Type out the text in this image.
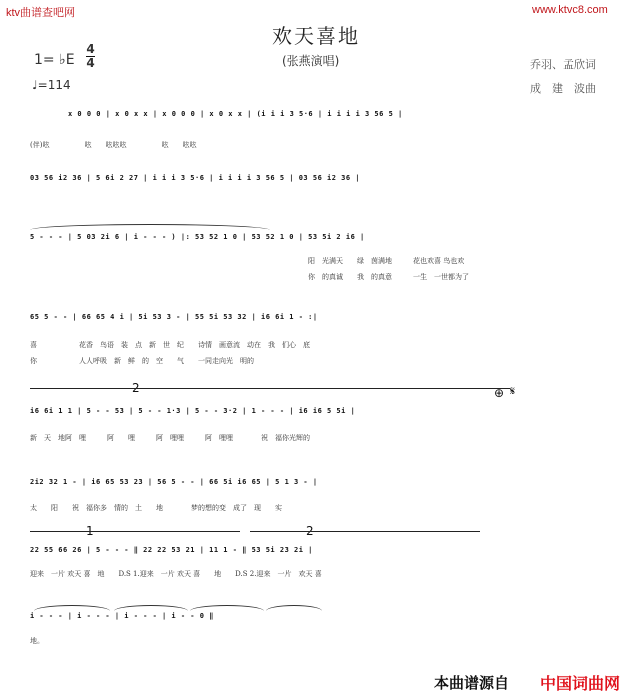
ktv曲谱查吧网	www.ktvc8.com
欢天喜地
(张燕演唱)
1= ♭E
4
4
♩=114
乔羽、孟欣词
成　建　波曲
x 0 0 0 | x 0 x x | x 0 0 0 | x 0 x x | (i i i 3 5·6 | i i i i 3 56 5 |
(伴)呟　　　　　呟　　呟呟呟　　　　　呟　　呟呟
03 56 i2 36 | 5 6i 2 27 | i i i 3 5·6 | i i i i 3 56 5 | 03 56 i2 36 |
5 - - - | 5 03 2i 6 | i - - - ) |: 53 52 1 0 | 53 52 1 0 | 53 5i 2 i6 |
阳　光满天　　绿　茵满地　　　花也欢喜 鸟也欢
你　的真诚　　我　的真意　　　一生　一世都为了
65 5 - - | 66 65 4 i | 5i 53 3 - | 55 5i 53 32 | i6 6i 1 - :|
喜　　　　　　花香　鸟语　装　点　新　世　纪　　诗情　画意流　动在　我　们心　底
你　　　　　　人人呼吸　新　鲜　的　空　　气　　一同走向光　明的
⊕ 𝄋
i6 6i 1 1 | 5 - - 53 | 5 - - 1·3 | 5 - - 3·2 | 1 - - - | i6 i6 5 5i |
新　天　地阿　哩　　　阿　　哩　　　阿　哩哩　　　阿　哩哩　　　　祝　福你光辉的
2i2 32 1 - | i6 65 53 23 | 56 5 - - | 66 5i i6 65 | 5 1 3 - |
太　　阳　　祝　福你多　情的　土　　地　　　　梦的想的变　成了　现　　实
22 55 66 26 | 5 - - - ‖ 22 22 53 21 | 11 1 - ‖ 53 5i 23 2i |
迎来　一片 欢天 喜　地　　D.S 1.迎来　一片 欢天 喜　　地　　D.S 2.迎来　一片　欢天 喜
i - - - | i - - - | i - - - | i - - 0 ‖
地。
本曲谱源自 中国词曲网
